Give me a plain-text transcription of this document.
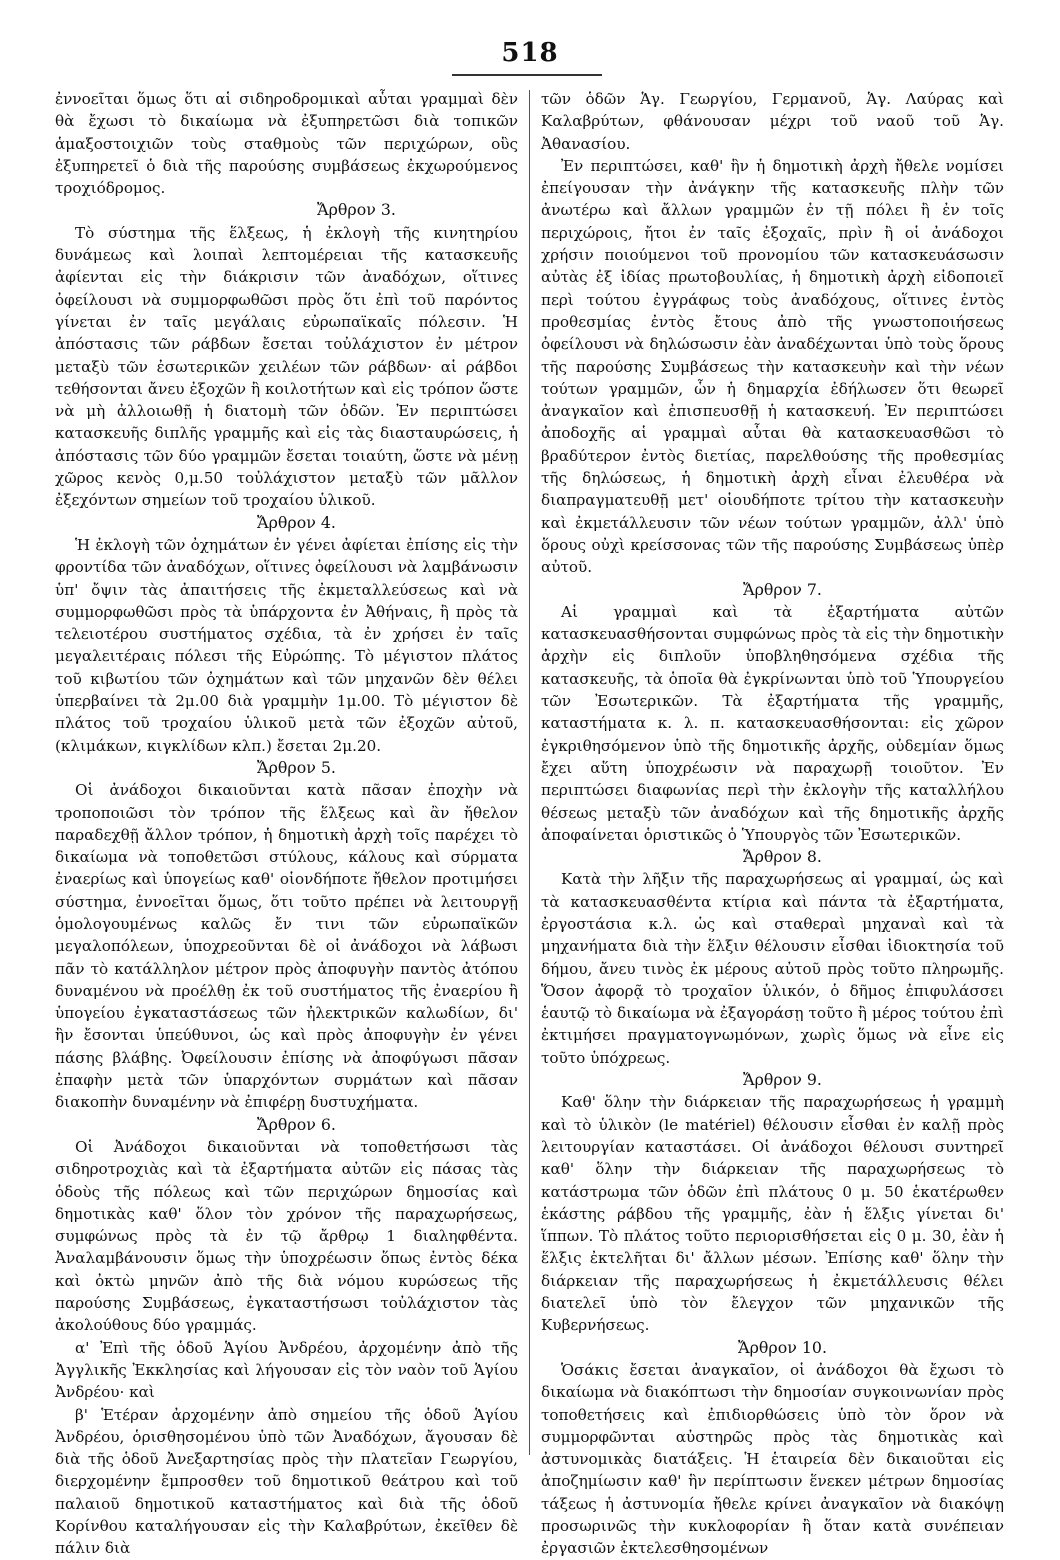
518

ἐννοεῖται ὅμως ὅτι αἱ σιδηροδρομικαὶ αὗται γραμμαὶ δὲν θὰ ἔχωσι τὸ δικαίωμα νὰ ἐξυπηρετῶσι διὰ τοπικῶν ἁμαξοστοιχιῶν τοὺς σταθμοὺς τῶν περιχώρων, οὓς ἐξυπηρετεῖ ὁ διὰ τῆς παρούσης συμβάσεως ἐκχωρούμενος τροχιόδρομος.

Ἄρθρον 3.

Τὸ σύστημα τῆς ἕλξεως, ἡ ἐκλογὴ τῆς κινητηρίου δυνάμεως καὶ λοιπαὶ λεπτομέρειαι τῆς κατασκευῆς ἀφίενται εἰς τὴν διάκρισιν τῶν ἀναδόχων, οἵτινες ὀφείλουσι νὰ συμμορφωθῶσι πρὸς ὅτι ἐπὶ τοῦ παρόντος γίνεται ἐν ταῖς μεγάλαις εὐρωπαϊκαῖς πόλεσιν. Ἡ ἀπόστασις τῶν ράβδων ἔσεται τοὐλάχιστον ἐν μέτρον μεταξὺ τῶν ἐσωτερικῶν χειλέων τῶν ράβδων· αἱ ράβδοι τεθήσονται ἄνευ ἐξοχῶν ἢ κοιλοτήτων καὶ εἰς τρόπον ὥστε νὰ μὴ ἀλλοιωθῇ ἡ διατομὴ τῶν ὁδῶν. Ἐν περιπτώσει κατασκευῆς διπλῆς γραμμῆς καὶ εἰς τὰς διασταυρώσεις, ἡ ἀπόστασις τῶν δύο γραμμῶν ἔσεται τοιαύτη, ὥστε νὰ μένῃ χῶρος κενὸς 0,μ.50 τοὐλάχιστον μεταξὺ τῶν μᾶλλον ἐξεχόντων σημείων τοῦ τροχαίου ὑλικοῦ.

Ἄρθρον 4.

Ἡ ἐκλογὴ τῶν ὀχημάτων ἐν γένει ἀφίεται ἐπίσης εἰς τὴν φροντίδα τῶν ἀναδόχων, οἵτινες ὀφείλουσι νὰ λαμβάνωσιν ὑπ' ὄψιν τὰς ἀπαιτήσεις τῆς ἐκμεταλλεύσεως καὶ νὰ συμμορφωθῶσι πρὸς τὰ ὑπάρχοντα ἐν Ἀθήναις, ἢ πρὸς τὰ τελειοτέρου συστήματος σχέδια, τὰ ἐν χρήσει ἐν ταῖς μεγαλειτέραις πόλεσι τῆς Εὐρώπης. Τὸ μέγιστον πλάτος τοῦ κιβωτίου τῶν ὀχημάτων καὶ τῶν μηχανῶν δὲν θέλει ὑπερβαίνει τὰ 2μ.00 διὰ γραμμὴν 1μ.00. Τὸ μέγιστον δὲ πλάτος τοῦ τροχαίου ὑλικοῦ μετὰ τῶν ἐξοχῶν αὐτοῦ, (κλιμάκων, κιγκλίδων κλπ.) ἔσεται 2μ.20.

Ἄρθρον 5.

Οἱ ἀνάδοχοι δικαιοῦνται κατὰ πᾶσαν ἐποχὴν νὰ τροποποιῶσι τὸν τρόπον τῆς ἕλξεως καὶ ἂν ἤθελον παραδεχθῇ ἄλλον τρόπον, ἡ δημοτικὴ ἀρχὴ τοῖς παρέχει τὸ δικαίωμα νὰ τοποθετῶσι στύλους, κάλους καὶ σύρματα ἐναερίως καὶ ὑπογείως καθ' οἱονδήποτε ἤθελον προτιμήσει σύστημα, ἐννοεῖται ὅμως, ὅτι τοῦτο πρέπει νὰ λειτουργῇ ὁμολογουμένως καλῶς ἔν τινι τῶν εὐρωπαϊκῶν μεγαλοπόλεων, ὑποχρεοῦνται δὲ οἱ ἀνάδοχοι νὰ λάβωσι πᾶν τὸ κατάλληλον μέτρον πρὸς ἀποφυγὴν παντὸς ἀτόπου δυναμένου νὰ προέλθῃ ἐκ τοῦ συστήματος τῆς ἐναερίου ἢ ὑπογείου ἐγκαταστάσεως τῶν ἠλεκτρικῶν καλωδίων, δι' ἣν ἔσονται ὑπεύθυνοι, ὡς καὶ πρὸς ἀποφυγὴν ἐν γένει πάσης βλάβης. Ὀφείλουσιν ἐπίσης νὰ ἀποφύγωσι πᾶσαν ἐπαφὴν μετὰ τῶν ὑπαρχόντων συρμάτων καὶ πᾶσαν διακοπὴν δυναμένην νὰ ἐπιφέρῃ δυστυχήματα.

Ἄρθρον 6.

Οἱ Ἀνάδοχοι δικαιοῦνται νὰ τοποθετήσωσι τὰς σιδηροτροχιὰς καὶ τὰ ἐξαρτήματα αὐτῶν εἰς πάσας τὰς ὁδοὺς τῆς πόλεως καὶ τῶν περιχώρων δημοσίας καὶ δημοτικὰς καθ' ὅλον τὸν χρόνον τῆς παραχωρήσεως, συμφώνως πρὸς τὰ ἐν τῷ ἄρθρῳ 1 διαληφθέντα. Ἀναλαμβάνουσιν ὅμως τὴν ὑποχρέωσιν ὅπως ἐντὸς δέκα καὶ ὀκτὼ μηνῶν ἀπὸ τῆς διὰ νόμου κυρώσεως τῆς παρούσης Συμβάσεως, ἐγκαταστήσωσι τοὐλάχιστον τὰς ἀκολούθους δύο γραμμάς.

α' Ἐπὶ τῆς ὁδοῦ Ἁγίου Ἀνδρέου, ἀρχομένην ἀπὸ τῆς Ἀγγλικῆς Ἐκκλησίας καὶ λήγουσαν εἰς τὸν ναὸν τοῦ Ἁγίου Ἀνδρέου· καὶ

β' Ἑτέραν ἀρχομένην ἀπὸ σημείου τῆς ὁδοῦ Ἁγίου Ἀνδρέου, ὁρισθησομένου ὑπὸ τῶν Ἀναδόχων, ἄγουσαν δὲ διὰ τῆς ὁδοῦ Ἀνεξαρτησίας πρὸς τὴν πλατεῖαν Γεωργίου, διερχομένην ἔμπροσθεν τοῦ δημοτικοῦ θεάτρου καὶ τοῦ παλαιοῦ δημοτικοῦ καταστήματος καὶ διὰ τῆς ὁδοῦ Κορίνθου καταλήγουσαν εἰς τὴν Καλαβρύτων, ἐκεῖθεν δὲ πάλιν διὰ

τῶν ὁδῶν Ἁγ. Γεωργίου, Γερμανοῦ, Ἁγ. Λαύρας καὶ Καλαβρύτων, φθάνουσαν μέχρι τοῦ ναοῦ τοῦ Ἁγ. Ἀθανασίου.

Ἐν περιπτώσει, καθ' ἣν ἡ δημοτικὴ ἀρχὴ ἤθελε νομίσει ἐπείγουσαν τὴν ἀνάγκην τῆς κατασκευῆς πλὴν τῶν ἀνωτέρω καὶ ἄλλων γραμμῶν ἐν τῇ πόλει ἢ ἐν τοῖς περιχώροις, ἤτοι ἐν ταῖς ἐξοχαῖς, πρὶν ἢ οἱ ἀνάδοχοι χρήσιν ποιούμενοι τοῦ προνομίου τῶν κατασκευάσωσιν αὐτὰς ἐξ ἰδίας πρωτοβουλίας, ἡ δημοτικὴ ἀρχὴ εἰδοποιεῖ περὶ τούτου ἐγγράφως τοὺς ἀναδόχους, οἵτινες ἐντὸς προθεσμίας ἐντὸς ἔτους ἀπὸ τῆς γνωστοποιήσεως ὀφείλουσι νὰ δηλώσωσιν ἐὰν ἀναδέχωνται ὑπὸ τοὺς ὅρους τῆς παρούσης Συμβάσεως τὴν κατασκευὴν καὶ τὴν νέων τούτων γραμμῶν, ὧν ἡ δημαρχία ἐδήλωσεν ὅτι θεωρεῖ ἀναγκαῖον καὶ ἐπισπευσθῇ ἡ κατασκευή. Ἐν περιπτώσει ἀποδοχῆς αἱ γραμμαὶ αὗται θὰ κατασκευασθῶσι τὸ βραδύτερον ἐντὸς διετίας, παρελθούσης τῆς προθεσμίας τῆς δηλώσεως, ἡ δημοτικὴ ἀρχὴ εἶναι ἐλευθέρα νὰ διαπραγματευθῇ μετ' οἱουδήποτε τρίτου τὴν κατασκευὴν καὶ ἐκμετάλλευσιν τῶν νέων τούτων γραμμῶν, ἀλλ' ὑπὸ ὅρους οὐχὶ κρείσσονας τῶν τῆς παρούσης Συμβάσεως ὑπὲρ αὐτοῦ.

Ἄρθρον 7.

Αἱ γραμμαὶ καὶ τὰ ἐξαρτήματα αὐτῶν κατασκευασθήσονται συμφώνως πρὸς τὰ εἰς τὴν δημοτικὴν ἀρχὴν εἰς διπλοῦν ὑποβληθησόμενα σχέδια τῆς κατασκευῆς, τὰ ὁποῖα θὰ ἐγκρίνωνται ὑπὸ τοῦ Ὑπουργείου τῶν Ἐσωτερικῶν. Τὰ ἐξαρτήματα τῆς γραμμῆς, καταστήματα κ. λ. π. κατασκευασθήσονται: εἰς χῶρον ἐγκριθησόμενον ὑπὸ τῆς δημοτικῆς ἀρχῆς, οὐδεμίαν ὅμως ἔχει αὕτη ὑποχρέωσιν νὰ παραχωρῇ τοιοῦτον. Ἐν περιπτώσει διαφωνίας περὶ τὴν ἐκλογὴν τῆς καταλλήλου θέσεως μεταξὺ τῶν ἀναδόχων καὶ τῆς δημοτικῆς ἀρχῆς ἀποφαίνεται ὁριστικῶς ὁ Ὑπουργὸς τῶν Ἐσωτερικῶν.

Ἄρθρον 8.

Κατὰ τὴν λῆξιν τῆς παραχωρήσεως αἱ γραμμαί, ὡς καὶ τὰ κατασκευασθέντα κτίρια καὶ πάντα τὰ ἐξαρτήματα, ἐργοστάσια κ.λ. ὡς καὶ σταθεραὶ μηχαναὶ καὶ τὰ μηχανήματα διὰ τὴν ἕλξιν θέλουσιν εἶσθαι ἰδιοκτησία τοῦ δήμου, ἄνευ τινὸς ἐκ μέρους αὐτοῦ πρὸς τοῦτο πληρωμῆς. Ὅσον ἀφορᾷ τὸ τροχαῖον ὑλικόν, ὁ δῆμος ἐπιφυλάσσει ἑαυτῷ τὸ δικαίωμα νὰ ἐξαγοράσῃ τοῦτο ἢ μέρος τούτου ἐπὶ ἐκτιμήσει πραγματογνωμόνων, χωρὶς ὅμως νὰ εἶνε εἰς τοῦτο ὑπόχρεως.

Ἄρθρον 9.

Καθ' ὅλην τὴν διάρκειαν τῆς παραχωρήσεως ἡ γραμμὴ καὶ τὸ ὑλικὸν (le matériel) θέλουσιν εἶσθαι ἐν καλῇ πρὸς λειτουργίαν καταστάσει. Οἱ ἀνάδοχοι θέλουσι συντηρεῖ καθ' ὅλην τὴν διάρκειαν τῆς παραχωρήσεως τὸ κατάστρωμα τῶν ὁδῶν ἐπὶ πλάτους 0 μ. 50 ἑκατέρωθεν ἑκάστης ράβδου τῆς γραμμῆς, ἐὰν ἡ ἕλξις γίνεται δι' ἵππων. Τὸ πλάτος τοῦτο περιορισθήσεται εἰς 0 μ. 30, ἐὰν ἡ ἕλξις ἐκτελῆται δι' ἄλλων μέσων. Ἐπίσης καθ' ὅλην τὴν διάρκειαν τῆς παραχωρήσεως ἡ ἐκμετάλλευσις θέλει διατελεῖ ὑπὸ τὸν ἔλεγχον τῶν μηχανικῶν τῆς Κυβερνήσεως.

Ἄρθρον 10.

Ὁσάκις ἔσεται ἀναγκαῖον, οἱ ἀνάδοχοι θὰ ἔχωσι τὸ δικαίωμα νὰ διακόπτωσι τὴν δημοσίαν συγκοινωνίαν πρὸς τοποθετήσεις καὶ ἐπιδιορθώσεις ὑπὸ τὸν ὅρον νὰ συμμορφῶνται αὐστηρῶς πρὸς τὰς δημοτικὰς καὶ ἀστυνομικὰς διατάξεις. Ἡ ἑταιρεία δὲν δικαιοῦται εἰς ἀποζημίωσιν καθ' ἣν περίπτωσιν ἕνεκεν μέτρων δημοσίας τάξεως ἡ ἀστυνομία ἤθελε κρίνει ἀναγκαῖον νὰ διακόψῃ προσωρινῶς τὴν κυκλοφορίαν ἢ ὅταν κατὰ συνέπειαν ἐργασιῶν ἐκτελεσθησομένων
